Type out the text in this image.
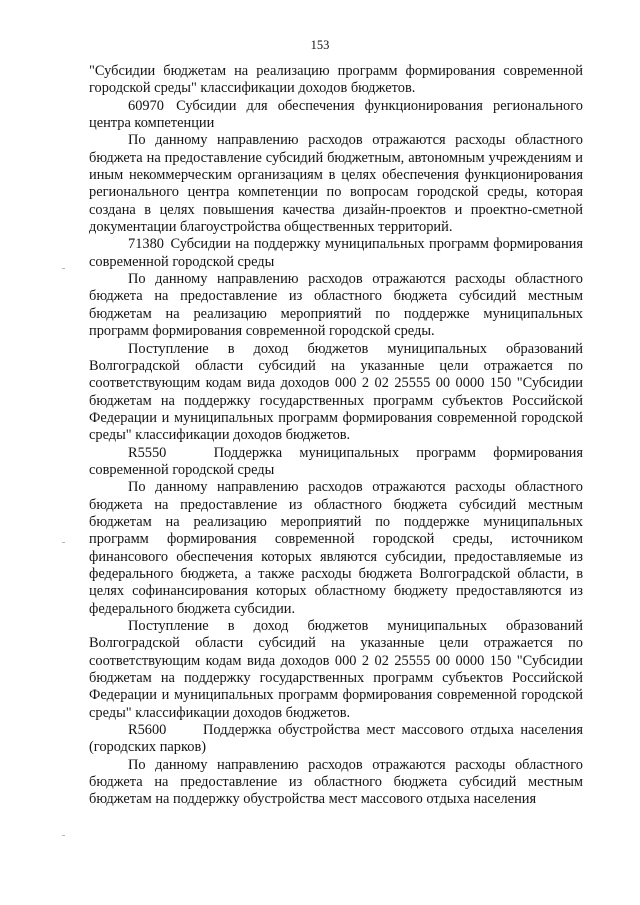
153

"Субсидии бюджетам на реализацию программ формирования современной городской среды" классификации доходов бюджетов.

60970 Субсидии для обеспечения функционирования регионального центра компетенции

По данному направлению расходов отражаются расходы областного бюджета на предоставление субсидий бюджетным, автономным учреждениям и иным некоммерческим организациям в целях обеспечения функционирования регионального центра компетенции по вопросам городской среды, которая создана в целях повышения качества дизайн-проектов и проектно-сметной документации благоустройства общественных территорий.

71380 Субсидии на поддержку муниципальных программ формирования современной городской среды

По данному направлению расходов отражаются расходы областного бюджета на предоставление из областного бюджета субсидий местным бюджетам на реализацию мероприятий по поддержке муниципальных программ формирования современной городской среды.

Поступление в доход бюджетов муниципальных образований Волгоградской области субсидий на указанные цели отражается по соответствующим кодам вида доходов 000 2 02 25555 00 0000 150 "Субсидии бюджетам на поддержку государственных программ субъектов Российской Федерации и муниципальных программ формирования современной городской среды" классификации доходов бюджетов.

R5550	Поддержка муниципальных программ формирования современной городской среды

По данному направлению расходов отражаются расходы областного бюджета на предоставление из областного бюджета субсидий местным бюджетам на реализацию мероприятий по поддержке муниципальных программ формирования современной городской среды, источником финансового обеспечения которых являются субсидии, предоставляемые из федерального бюджета, а также расходы бюджета Волгоградской области, в целях софинансирования которых областному бюджету предоставляются из федерального бюджета субсидии.

Поступление в доход бюджетов муниципальных образований Волгоградской области субсидий на указанные цели отражается по соответствующим кодам вида доходов 000 2 02 25555 00 0000 150 "Субсидии бюджетам на поддержку государственных программ субъектов Российской Федерации и муниципальных программ формирования современной городской среды" классификации доходов бюджетов.

R5600	Поддержка обустройства мест массового отдыха населения (городских парков)

По данному направлению расходов отражаются расходы областного бюджета на предоставление из областного бюджета субсидий местным бюджетам на поддержку обустройства мест массового отдыха населения
